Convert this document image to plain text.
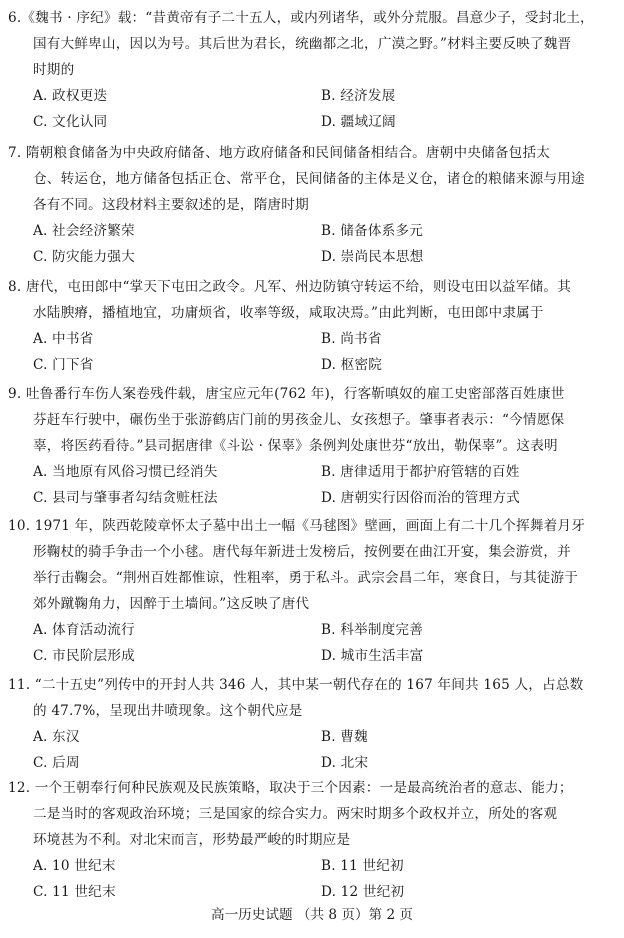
6.《魏书 · 序纪》载：“昔黄帝有子二十五人，或内列诸华，或外分荒服。昌意少子，受封北土，
国有大鲜卑山，因以为号。其后世为君长，统幽都之北，广漠之野。”材料主要反映了魏晋
时期的
A. 政权更迭	B. 经济发展
C. 文化认同	D. 疆域辽阔
7. 隋朝粮食储备为中央政府储备、地方政府储备和民间储备相结合。唐朝中央储备包括太
仓、转运仓，地方储备包括正仓、常平仓，民间储备的主体是义仓，诸仓的粮储来源与用途
各有不同。这段材料主要叙述的是，隋唐时期
A. 社会经济繁荣	B. 储备体系多元
C. 防灾能力强大	D. 崇尚民本思想
8. 唐代，屯田郎中“掌天下屯田之政令。凡军、州边防镇守转运不给，则设屯田以益军储。其
水陆腴瘠，播植地宜，功庸烦省，收率等级，咸取决焉。”由此判断，屯田郎中隶属于
A. 中书省	B. 尚书省
C. 门下省	D. 枢密院
9. 吐鲁番行车伤人案卷残件载，唐宝应元年(762 年)，行客靳嗔奴的雇工史密部落百姓康世
芬赶车行驶中，碾伤坐于张游鹤店门前的男孩金儿、女孩想子。肇事者表示：“今情愿保
辜，将医药看待。”县司据唐律《斗讼 · 保辜》条例判处康世芬“放出，勒保辜”。这表明
A. 当地原有风俗习惯已经消失	B. 唐律适用于都护府管辖的百姓
C. 县司与肇事者勾结贪赃枉法	D. 唐朝实行因俗而治的管理方式
10. 1971 年，陕西乾陵章怀太子墓中出土一幅《马毬图》壁画，画面上有二十几个挥舞着月牙
形鞠杖的骑手争击一个小毬。唐代每年新进士发榜后，按例要在曲江开宴，集会游赏，并
举行击鞠会。“荆州百姓都惟谅，性粗率，勇于私斗。武宗会昌二年，寒食日，与其徒游于
郊外蹴鞠角力，因醉于土墙间。”这反映了唐代
A. 体育活动流行	B. 科举制度完善
C. 市民阶层形成	D. 城市生活丰富
11. “二十五史”列传中的开封人共 346 人，其中某一朝代存在的 167 年间共 165 人，占总数
的 47.7%，呈现出井喷现象。这个朝代应是
A. 东汉	B. 曹魏
C. 后周	D. 北宋
12. 一个王朝奉行何种民族观及民族策略，取决于三个因素：一是最高统治者的意志、能力；
二是当时的客观政治环境；三是国家的综合实力。两宋时期多个政权并立，所处的客观
环境甚为不利。对北宋而言，形势最严峻的时期应是
A. 10 世纪末	B. 11 世纪初
C. 11 世纪末	D. 12 世纪初
高一历史试题 （共 8 页）第 2 页
